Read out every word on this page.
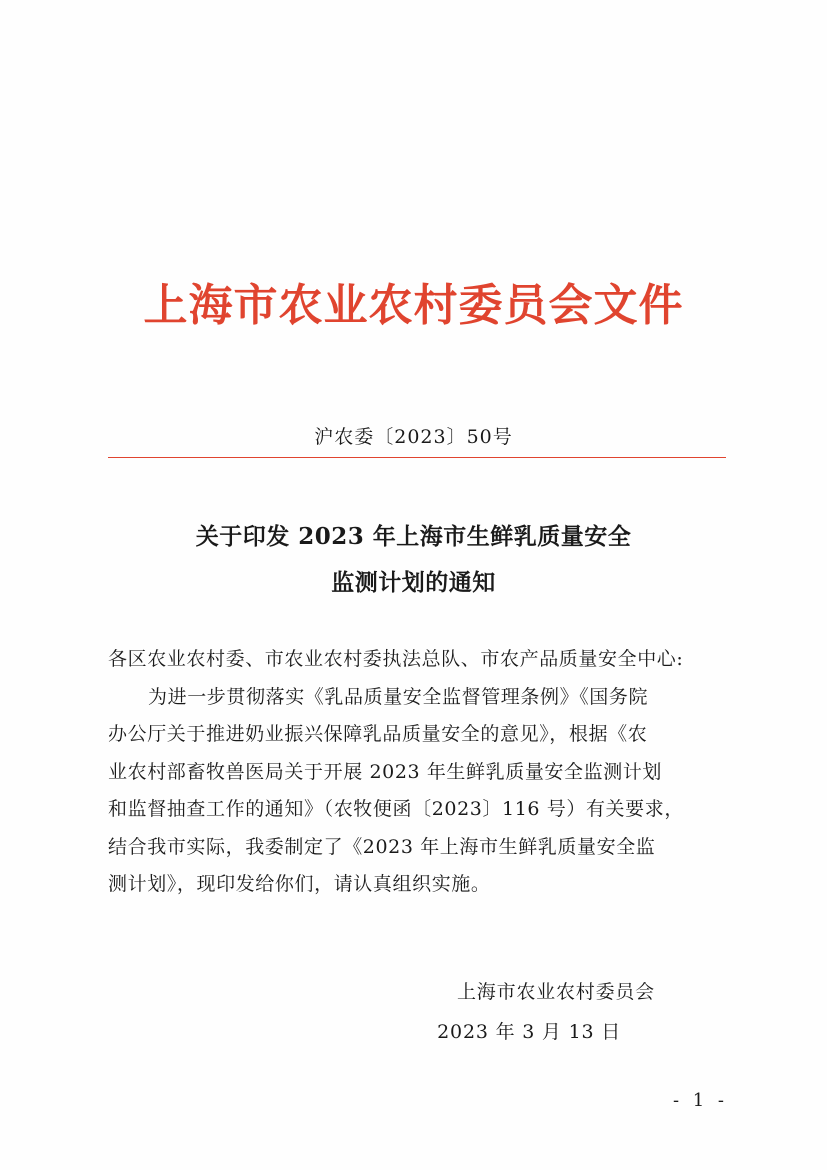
上海市农业农村委员会文件
沪农委〔2023〕50号
关于印发 2023 年上海市生鲜乳质量安全
监测计划的通知
各区农业农村委、市农业农村委执法总队、市农产品质量安全中心:
为进一步贯彻落实《乳品质量安全监督管理条例》《国务院
办公厅关于推进奶业振兴保障乳品质量安全的意见》，根据《农
业农村部畜牧兽医局关于开展 2023 年生鲜乳质量安全监测计划
和监督抽查工作的通知》（农牧便函〔2023〕116 号）有关要求，
结合我市实际，我委制定了《2023 年上海市生鲜乳质量安全监
测计划》，现印发给你们，请认真组织实施。
上海市农业农村委员会
2023 年 3 月 13 日
- 1 -
